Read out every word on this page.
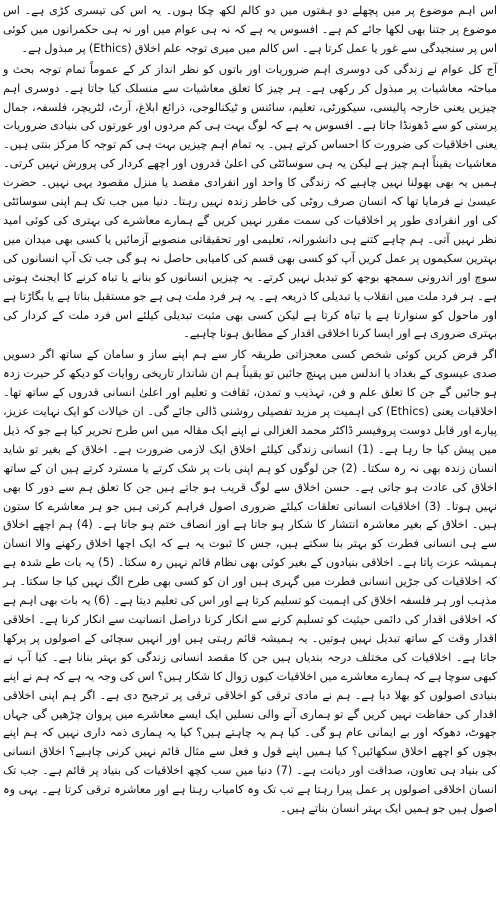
اس اہم موضوع پر میں پچھلے دو ہفتوں میں دو کالم لکھ چکا ہوں۔ یہ اس کی تیسری کڑی ہے۔ اس موضوع پر جتنا بھی لکھا جائے کم ہے۔ افسوس یہ ہے کہ نہ ہی عوام میں اور نہ ہی حکمرانوں میں کوئی اس پر سنجیدگی سے غور یا عمل کرتا ہے۔ اس کالم میں میری توجہ علم اخلاق (Ethics) پر مبذول ہے۔

آج کل عوام نے زندگی کی دوسری اہم ضروریات اور باتوں کو نظر انداز کر کے عموماً تمام توجہ بحث و مباحثہ معاشیات پر مبذول کر رکھی ہے۔ ہر چیز کا تعلق معاشیات سے منسلک کیا جاتا ہے۔ دوسری اہم چیزیں یعنی خارجہ پالیسی، سیکورٹی، تعلیم، سائنس و ٹیکنالوجی، ذرائع ابلاغ، آرٹ، لٹریچر، فلسفہ، جمال پرستی کو سے ڈھونڈا جاتا ہے۔ افسوس یہ ہے کہ لوگ بہت ہی کم مردوں اور عورتوں کی بنیادی ضروریات یعنی اخلاقیات کی ضرورت کا احساس کرتے ہیں۔ یہ تمام اہم چیزیں بہت ہی کم توجہ کا مرکز بنتی ہیں۔ معاشیات یقیناً اہم چیز ہے لیکن یہ ہی سوسائٹی کی اعلیٰ قدروں اور اچھے کردار کی پرورش نہیں کرتی۔ ہمیں یہ بھی بھولنا نہیں چاہیے کہ زندگی کا واحد اور انفرادی مقصد یا منزل مقصود یہی نہیں۔ حضرت عیسیٰ نے فرمایا تھا کہ انسان صرف روٹی کی خاطر زندہ نہیں رہتا۔ دنیا میں جب تک ہم اپنی سوسائٹی کی اور انفرادی طور پر اخلاقیات کی سمت مقرر نہیں کریں گے ہمارے معاشرے کی بہتری کی کوئی امید نظر نہیں آتی۔ ہم چاہے کتنے ہی دانشورانہ، تعلیمی اور تحقیقاتی منصوبے آزمائیں یا کسی بھی میدان میں بہترین سکیموں پر عمل کریں آپ کو کسی بھی قسم کی کامیابی حاصل نہ ہو گی جب تک آپ انسانوں کی سوچ اور اندرونی سمجھ بوجھ کو تبدیل نہیں کرتے۔ یہ چیزیں انسانوں کو بنانے یا تباہ کرنے کا ایجنٹ ہوتی ہے۔ ہر فرد ملت میں انقلاب یا تبدیلی کا ذریعہ ہے۔ یہ ہر فرد ملت ہی ہے جو مستقبل بناتا ہے یا بگاڑتا ہے اور ماحول کو سنوارتا ہے یا تباہ کرتا ہے لیکن کسی بھی مثبت تبدیلی کیلئے اس فرد ملت کے کردار کی بہتری ضروری ہے اور ایسا کرنا اخلاقی اقدار کے مطابق ہونا چاہیے۔

اگر فرض کریں کوئی شخص کسی معجزاتی طریقہ کار سے ہم اپنے ساز و سامان کے ساتھ اگر دسویں صدی عیسوی کے بغداد یا اندلس میں پہنچ جائیں تو یقیناً ہم ان شاندار تاریخی روایات کو دیکھ کر حیرت زدہ ہو جائیں گے جن کا تعلق علم و فن، تہذیب و تمدن، ثقافت و تعلیم اور اعلیٰ انسانی قدروں کے ساتھ تھا۔ اخلاقیات یعنی (Ethics) کی اہمیت پر مزید تفصیلی روشنی ڈالی جائے گی۔ ان خیالات کو ایک نہایت عزیز، پیارے اور قابل دوست پروفیسر ڈاکٹر محمد الغزالی نے اپنے ایک مقالہ میں اس طرح تحریر کیا ہے جو کہ ذیل میں پیش کیا جا رہا ہے۔ (1) انسانی زندگی کیلئے اخلاق ایک لازمی ضرورت ہے۔ اخلاق کے بغیر تو شاید انسان زندہ بھی نہ رہ سکتا۔ (2) جن لوگوں کو ہم اپنی بات پر شک کرتے یا مسترد کرتے ہیں ان کے ساتھ اخلاق کی عادت ہو جاتی ہے۔ حسن اخلاق سے لوگ قریب ہو جاتے ہیں جن کا تعلق ہم سے دور کا بھی نہیں ہوتا۔ (3) اخلاقیات انسانی تعلقات کیلئے ضروری اصول فراہم کرتی ہیں جو ہر معاشرے کا ستون ہیں۔ اخلاق کے بغیر معاشرہ انتشار کا شکار ہو جاتا ہے اور انصاف ختم ہو جاتا ہے۔ (4) ہم اچھے اخلاق سے ہی انسانی فطرت کو بہتر بنا سکتے ہیں، جس کا ثبوت یہ ہے کہ ایک اچھا اخلاق رکھنے والا انسان ہمیشہ عزت پاتا ہے۔ اخلاقی بنیادوں کے بغیر کوئی بھی نظام قائم نہیں رہ سکتا۔ (5) یہ بات طے شدہ ہے کہ اخلاقیات کی جڑیں انسانی فطرت میں گہری ہیں اور ان کو کسی بھی طرح الگ نہیں کیا جا سکتا۔ ہر مذہب اور ہر فلسفہ اخلاق کی اہمیت کو تسلیم کرتا ہے اور اس کی تعلیم دیتا ہے۔ (6) یہ بات بھی اہم ہے کہ اخلاقی اقدار کی دائمی حیثیت کو تسلیم کرنے سے انکار کرنا دراصل انسانیت سے انکار کرنا ہے۔ اخلاقی اقدار وقت کے ساتھ تبدیل نہیں ہوتیں۔ یہ ہمیشہ قائم رہتی ہیں اور انہیں سچائی کے اصولوں پر پرکھا جاتا ہے۔ اخلاقیات کی مختلف درجہ بندیاں ہیں جن کا مقصد انسانی زندگی کو بہتر بنانا ہے۔ کیا آپ نے کبھی سوچا ہے کہ ہمارے معاشرے میں اخلاقیات کیوں زوال کا شکار ہیں؟ اس کی وجہ یہ ہے کہ ہم نے اپنے بنیادی اصولوں کو بھلا دیا ہے۔ ہم نے مادی ترقی کو اخلاقی ترقی پر ترجیح دی ہے۔ اگر ہم اپنی اخلاقی اقدار کی حفاظت نہیں کریں گے تو ہماری آنے والی نسلیں ایک ایسے معاشرے میں پروان چڑھیں گی جہاں جھوٹ، دھوکہ اور بے ایمانی عام ہو گی۔ کیا ہم یہ چاہتے ہیں؟ کیا یہ ہماری ذمہ داری نہیں کہ ہم اپنے بچوں کو اچھے اخلاق سکھائیں؟ کیا ہمیں اپنے قول و فعل سے مثال قائم نہیں کرنی چاہیے؟ اخلاق انسانی کی بنیاد ہی تعاون، صداقت اور دیانت ہے۔ (7) دنیا میں سب کچھ اخلاقیات کی بنیاد پر قائم ہے۔ جب تک انسان اخلاقی اصولوں پر عمل پیرا رہتا ہے تب تک وہ کامیاب رہتا ہے اور معاشرہ ترقی کرتا ہے۔ یہی وہ اصول ہیں جو ہمیں ایک بہتر انسان بناتے ہیں۔
